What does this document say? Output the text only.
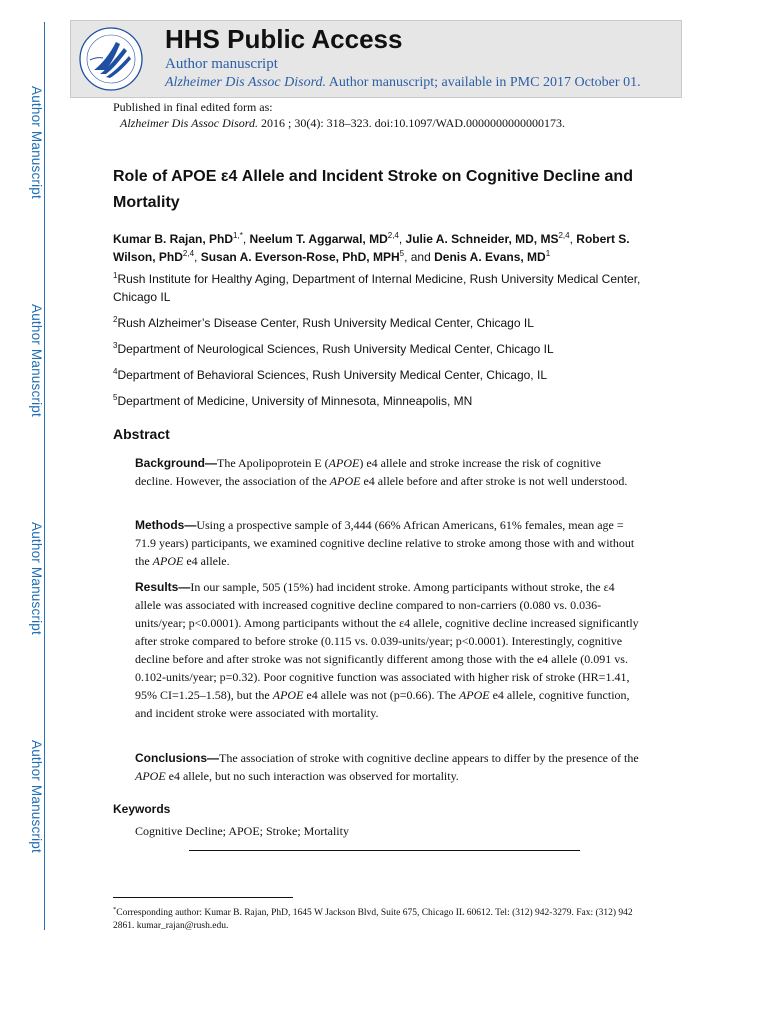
Author Manuscript
Author Manuscript
Author Manuscript
Author Manuscript
HHS Public Access
Author manuscript
Alzheimer Dis Assoc Disord. Author manuscript; available in PMC 2017 October 01.
Published in final edited form as:
Alzheimer Dis Assoc Disord. 2016 ; 30(4): 318–323. doi:10.1097/WAD.0000000000000173.
Role of APOE ε4 Allele and Incident Stroke on Cognitive Decline and Mortality
Kumar B. Rajan, PhD$^{1,*}$, Neelum T. Aggarwal, MD$^{2,4}$, Julie A. Schneider, MD, MS$^{2,4}$, Robert S. Wilson, PhD$^{2,4}$, Susan A. Everson-Rose, PhD, MPH$^5$, and Denis A. Evans, $MD^1$
$^1$Rush Institute for Healthy Aging, Department of Internal Medicine, Rush University Medical Center, Chicago IL
$^2$Rush Alzheimer’s Disease Center, Rush University Medical Center, Chicago IL
$^3$Department of Neurological Sciences, Rush University Medical Center, Chicago IL
$^4$Department of Behavioral Sciences, Rush University Medical Center, Chicago, IL
$^5$Department of Medicine, University of Minnesota, Minneapolis, MN
Abstract
Background—The Apolipoprotein E (APOE) e4 allele and stroke increase the risk of cognitive decline. However, the association of the APOE e4 allele before and after stroke is not well understood.
Methods—Using a prospective sample of 3,444 (66% African Americans, 61% females, mean age = 71.9 years) participants, we examined cognitive decline relative to stroke among those with and without the APOE e4 allele.
Results—In our sample, 505 (15%) had incident stroke. Among participants without stroke, the ε4 allele was associated with increased cognitive decline compared to non-carriers (0.080 vs. 0.036-units/year; p<0.0001). Among participants without the ε4 allele, cognitive decline increased significantly after stroke compared to before stroke (0.115 vs. 0.039-units/year; p<0.0001). Interestingly, cognitive decline before and after stroke was not significantly different among those with the e4 allele (0.091 vs. 0.102-units/year; p=0.32). Poor cognitive function was associated with higher risk of stroke (HR=1.41, 95% CI=1.25–1.58), but the APOE e4 allele was not (p=0.66). The APOE e4 allele, cognitive function, and incident stroke were associated with mortality.
Conclusions—The association of stroke with cognitive decline appears to differ by the presence of the APOE e4 allele, but no such interaction was observed for mortality.
Keywords
Cognitive Decline; APOE; Stroke; Mortality
*Corresponding author: Kumar B. Rajan, PhD, 1645 W Jackson Blvd, Suite 675, Chicago IL 60612. Tel: (312) 942-3279. Fax: (312) 942 2861. kumar_rajan@rush.edu.
